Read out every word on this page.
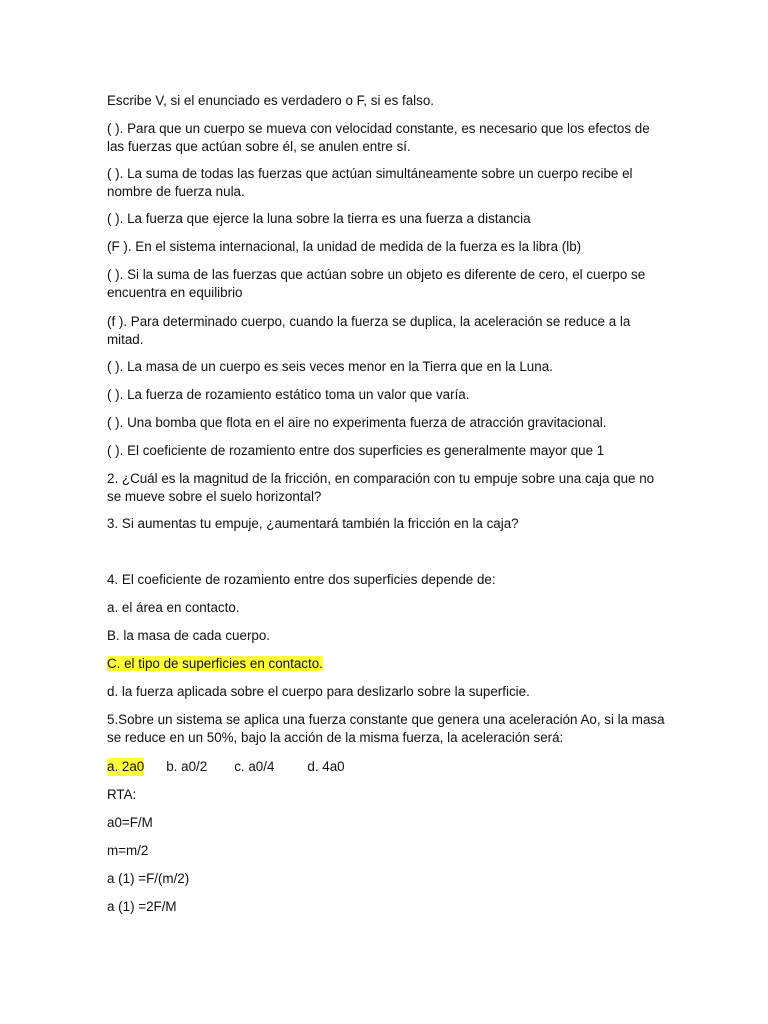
Escribe V, si el enunciado es verdadero o F, si es falso.

( ). Para que un cuerpo se mueva con velocidad constante, es necesario que los efectos de las fuerzas que actúan sobre él, se anulen entre sí.

( ). La suma de todas las fuerzas que actúan simultáneamente sobre un cuerpo recibe el nombre de fuerza nula.

( ). La fuerza que ejerce la luna sobre la tierra es una fuerza a distancia

(F ). En el sistema internacional, la unidad de medida de la fuerza es la libra (lb)

( ). Si la suma de las fuerzas que actúan sobre un objeto es diferente de cero, el cuerpo se encuentra en equilibrio

(f ). Para determinado cuerpo, cuando la fuerza se duplica, la aceleración se reduce a la mitad.

( ). La masa de un cuerpo es seis veces menor en la Tierra que en la Luna.

( ). La fuerza de rozamiento estático toma un valor que varía.

( ). Una bomba que flota en el aire no experimenta fuerza de atracción gravitacional.

( ). El coeficiente de rozamiento entre dos superficies es generalmente mayor que 1

2. ¿Cuál es la magnitud de la fricción, en comparación con tu empuje sobre una caja que no se mueve sobre el suelo horizontal?

3. Si aumentas tu empuje, ¿aumentará también la fricción en la caja?

4. El coeficiente de rozamiento entre dos superficies depende de:

a. el área en contacto.

B. la masa de cada cuerpo.

C. el tipo de superficies en contacto.

d. la fuerza aplicada sobre el cuerpo para deslizarlo sobre la superficie.

5.Sobre un sistema se aplica una fuerza constante que genera una aceleración Ao, si la masa se reduce en un 50%, bajo la acción de la misma fuerza, la aceleración será:

a. 2a0 b. a0/2 c. a0/4 d. 4a0

RTA:

a0=F/M

m=m/2

a (1) =F/(m/2)

a (1) =2F/M
